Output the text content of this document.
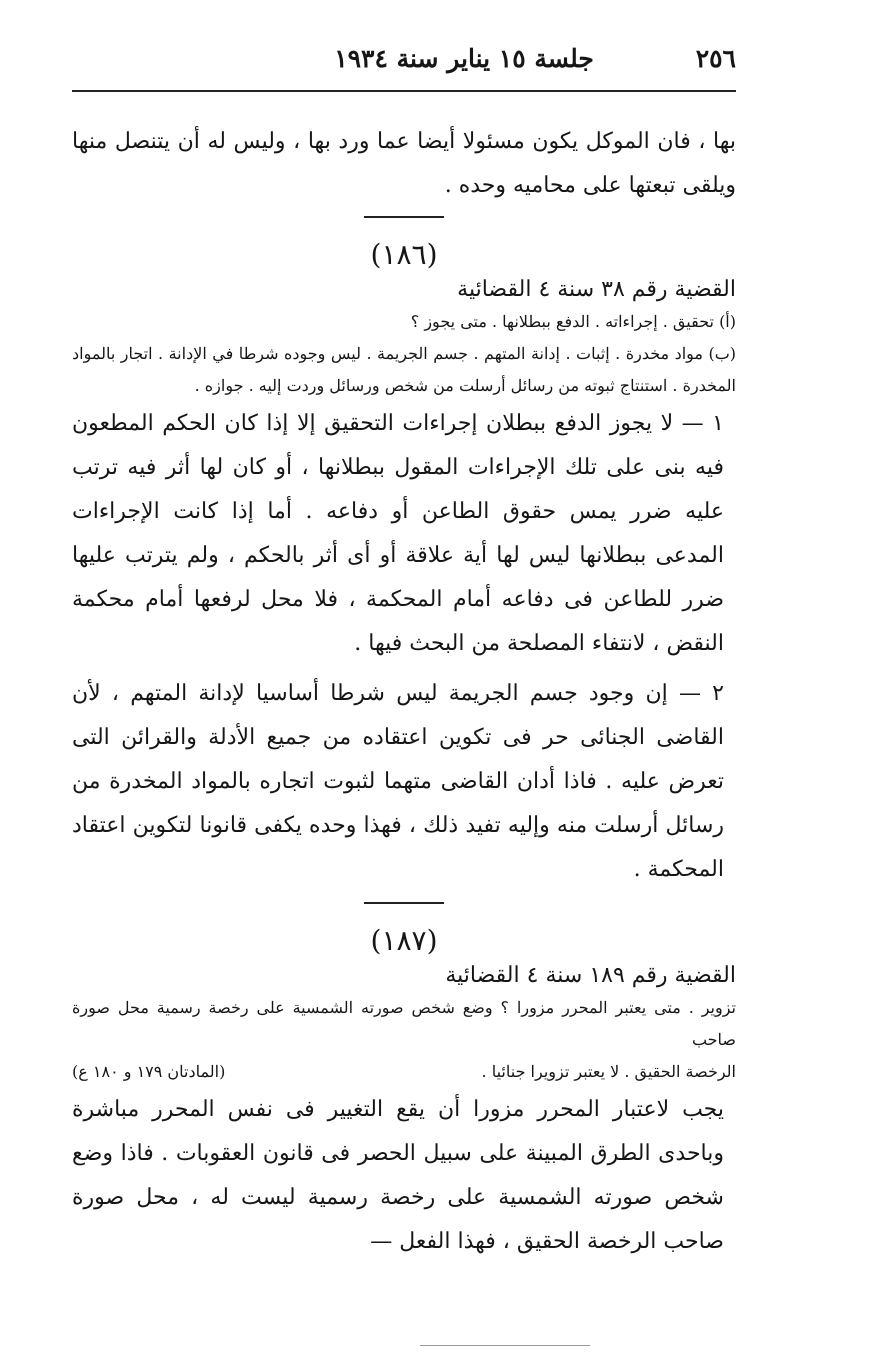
٢٥٦
جلسة ١٥ يناير سنة ١٩٣٤

بها ، فان الموكل يكون مسئولا أيضا عما ورد بها ، وليس له أن يتنصل منها ويلقى تبعتها على محاميه وحده .

(١٨٦)

القضية رقم ٣٨ سنة ٤ القضائية

(أ) تحقيق . إجراءاته . الدفع ببطلانها . متى يجوز ؟

(ب) مواد مخدرة . إثبات . إدانة المتهم . جسم الجريمة . ليس وجوده شرطا في الإدانة . اتجار بالمواد المخدرة . استنتاج ثبوته من رسائل أرسلت من شخص ورسائل وردت إليه . جوازه .

١ — لا يجوز الدفع ببطلان إجراءات التحقيق إلا إذا كان الحكم المطعون فيه بنى على تلك الإجراءات المقول ببطلانها ، أو كان لها أثر فيه ترتب عليه ضرر يمس حقوق الطاعن أو دفاعه . أما إذا كانت الإجراءات المدعى ببطلانها ليس لها أية علاقة أو أى أثر بالحكم ، ولم يترتب عليها ضرر للطاعن فى دفاعه أمام المحكمة ، فلا محل لرفعها أمام محكمة النقض ، لانتفاء المصلحة من البحث فيها .

٢ — إن وجود جسم الجريمة ليس شرطا أساسيا لإدانة المتهم ، لأن القاضى الجنائى حر فى تكوين اعتقاده من جميع الأدلة والقرائن التى تعرض عليه . فاذا أدان القاضى متهما لثبوت اتجاره بالمواد المخدرة من رسائل أرسلت منه وإليه تفيد ذلك ، فهذا وحده يكفى قانونا لتكوين اعتقاد المحكمة .

(١٨٧)

القضية رقم ١٨٩ سنة ٤ القضائية

تزوير . متى يعتبر المحرر مزورا ؟ وضع شخص صورته الشمسية على رخصة رسمية محل صورة صاحب

الرخصة الحقيق . لا يعتبر تزويرا جنائيا .
(المادتان ١٧٩ و ١٨٠ ع)

يجب لاعتبار المحرر مزورا أن يقع التغيير فى نفس المحرر مباشرة وباحدى الطرق المبينة على سبيل الحصر فى قانون العقوبات . فاذا وضع شخص صورته الشمسية على رخصة رسمية ليست له ، محل صورة صاحب الرخصة الحقيق ، فهذا الفعل —
